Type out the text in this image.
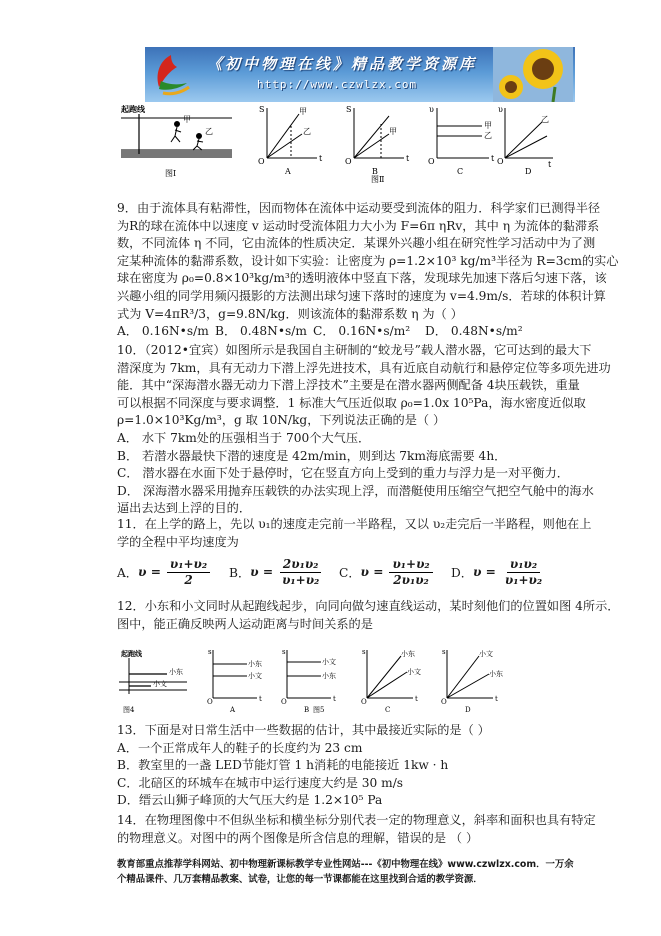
《初中物理在线》精品教学资源库
http://www.czwlzx.com
起跑线
甲
乙
图Ⅰ
S
t
O
甲
乙
A
S
t
O
甲
B
图Ⅱ
υ
t
O
甲
乙
C
υ
t
O
乙
D
9．由于流体具有粘滞性，因而物体在流体中运动要受到流体的阻力．科学家们已测得半径
为R的球在流体中以速度 v 运动时受流体阻力大小为 F=6π ηRv，其中 η 为流体的黏滞系
数，不同流体 η 不同，它由流体的性质决定．某课外兴趣小组在研究性学习活动中为了测
定某种流体的黏滞系数，设计如下实验：让密度为 ρ=1.2×10³ kg/m³半径为 R=3cm的实心
球在密度为 ρ₀=0.8×10³kg/m³的透明液体中竖直下落，发现球先加速下落后匀速下落，该
兴趣小组的同学用频闪摄影的方法测出球匀速下落时的速度为 v=4.9m/s．若球的体积计算
式为 V=4πR³/3，g=9.8N/kg．则该流体的黏滞系数 η 为（ ）
A． 0.16N•s/m B． 0.48N•s/m C． 0.16N•s/m²	D． 0.48N•s/m²
10．（2012•宜宾）如图所示是我国自主研制的“蛟龙号”载人潜水器，它可达到的最大下
潜深度为 7km，具有无动力下潜上浮先进技术，具有近底自动航行和悬停定位等多项先进功
能．其中“深海潜水器无动力下潜上浮技术”主要是在潜水器两侧配备 4块压载铁，重量
可以根据不同深度与要求调整．1 标准大气压近似取 ρ₀=1.0x 10⁵Pa，海水密度近似取
ρ=1.0×10³Kg/m³，g 取 10N/kg，下列说法正确的是（ ）
A． 水下 7km处的压强相当于 700个大气压．
B． 若潜水器最快下潜的速度是 42m/min，则到达 7km海底需要 4h．
C． 潜水器在水面下处于悬停时，它在竖直方向上受到的重力与浮力是一对平衡力．
D． 深海潜水器采用抛弃压载铁的办法实现上浮，而潜艇使用压缩空气把空气舱中的海水
逼出去达到上浮的目的．
11．在上学的路上，先以 υ₁的速度走完前一半路程，又以 υ₂走完后一半路程，则他在上
学的全程中平均速度为
A． $\upsilon = \frac{\text{υ₁+υ₂}}{2}$ B． $\upsilon = \frac{\text{2υ₁υ₂}}{\text{υ₁+υ₂}}$ C． $\upsilon = \frac{\text{υ₁+υ₂}}{\text{2υ₁υ₂}}$ D． $\upsilon = \frac{\text{υ₁υ₂}}{\text{υ₁+υ₂}}$
12．小东和小文同时从起跑线起步，向同向做匀速直线运动，某时刻他们的位置如图 4所示．
图中，能正确反映两人运动距离与时间关系的是
起跑线
小东
小文
图4
s
t
O
小东
小文
A
s
t
O
小文
小东
B 图5
s
t
O
小东
小文
C
s
t
O
小文
小东
D
13．下面是对日常生活中一些数据的估计，其中最接近实际的是（ ）
A．一个正常成年人的鞋子的长度约为 23 cm
B．教室里的一盏 LED节能灯管 1 h消耗的电能接近 1kw · h
C．北碚区的环城车在城市中运行速度大约是 30 m/s
D．缙云山狮子峰顶的大气压大约是 1.2×10⁵ Pa
14．在物理图像中不但纵坐标和横坐标分别代表一定的物理意义，斜率和面积也具有特定
的物理意义。对图中的两个图像是所含信息的理解，错误的是 （ ）
教育部重点推荐学科网站、初中物理新课标教学专业性网站---《初中物理在线》www.czwlzx.com．一万余
个精品课件、几万套精品教案、试卷，让您的每一节课都能在这里找到合适的教学资源．
